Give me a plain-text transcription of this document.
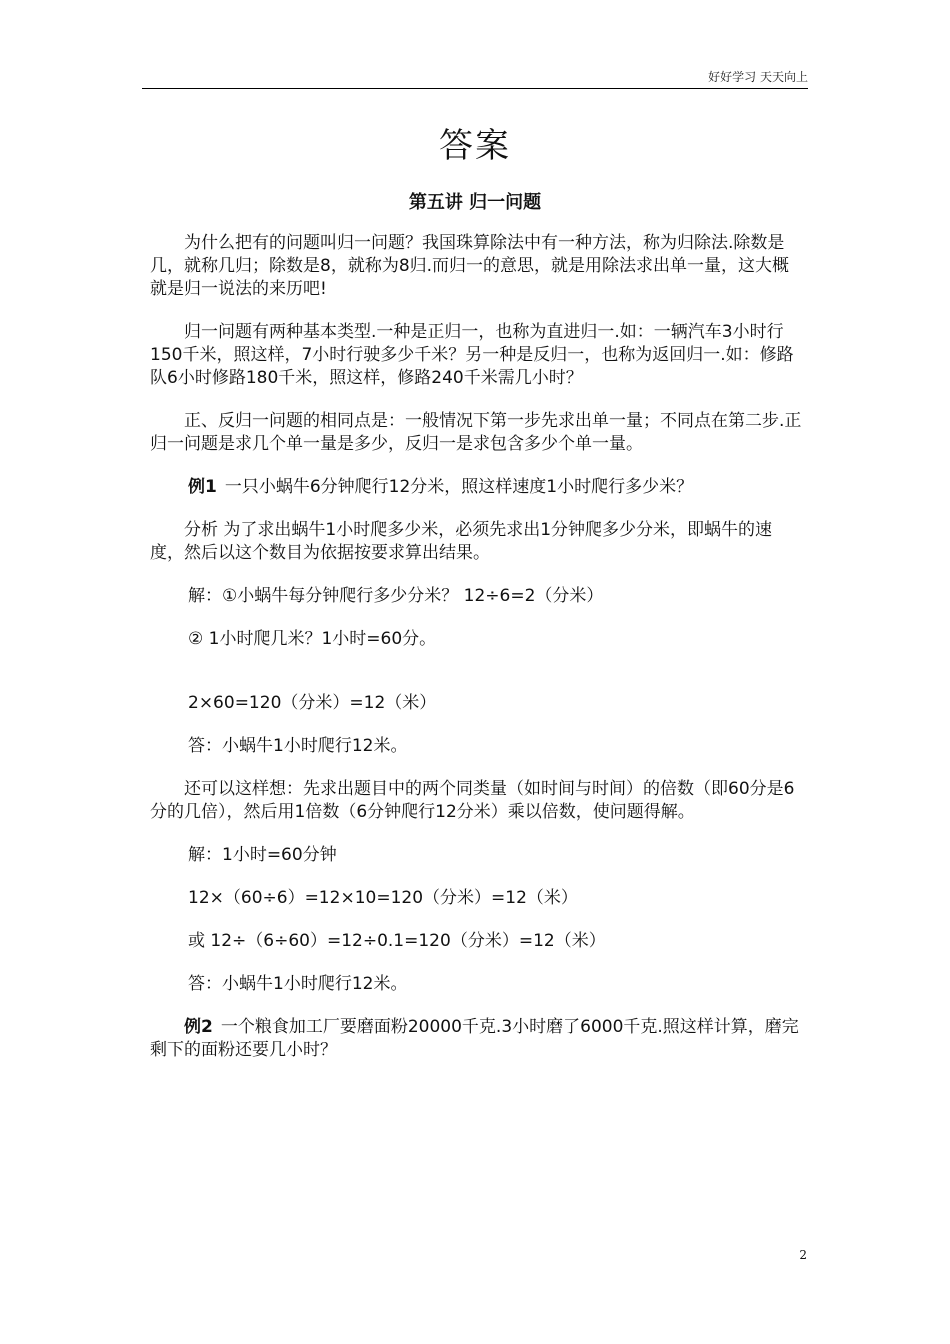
好好学习 天天向上
答案
第五讲 归一问题

为什么把有的问题叫归一问题？我国珠算除法中有一种方法，称为归除法.除数是几，就称几归；除数是8，就称为8归.而归一的意思，就是用除法求出单一量，这大概就是归一说法的来历吧!

归一问题有两种基本类型.一种是正归一，也称为直进归一.如：一辆汽车3小时行150千米，照这样，7小时行驶多少千米？另一种是反归一，也称为返回归一.如：修路队6小时修路180千米，照这样，修路240千米需几小时？

正、反归一问题的相同点是：一般情况下第一步先求出单一量；不同点在第二步.正归一问题是求几个单一量是多少，反归一是求包含多少个单一量。

例1 一只小蜗牛6分钟爬行12分米，照这样速度1小时爬行多少米？

分析 为了求出蜗牛1小时爬多少米，必须先求出1分钟爬多少分米，即蜗牛的速度，然后以这个数目为依据按要求算出结果。

解：①小蜗牛每分钟爬行多少分米？ 12÷6=2（分米）

② 1小时爬几米？1小时=60分。

2×60=120（分米）=12（米）

答：小蜗牛1小时爬行12米。

还可以这样想：先求出题目中的两个同类量（如时间与时间）的倍数（即60分是6分的几倍），然后用1倍数（6分钟爬行12分米）乘以倍数，使问题得解。

解：1小时=60分钟

12×（60÷6）=12×10=120（分米）=12（米）

或 12÷（6÷60）=12÷0.1=120（分米）=12（米）

答：小蜗牛1小时爬行12米。

例2 一个粮食加工厂要磨面粉20000千克.3小时磨了6000千克.照这样计算，磨完剩下的面粉还要几小时？

2
